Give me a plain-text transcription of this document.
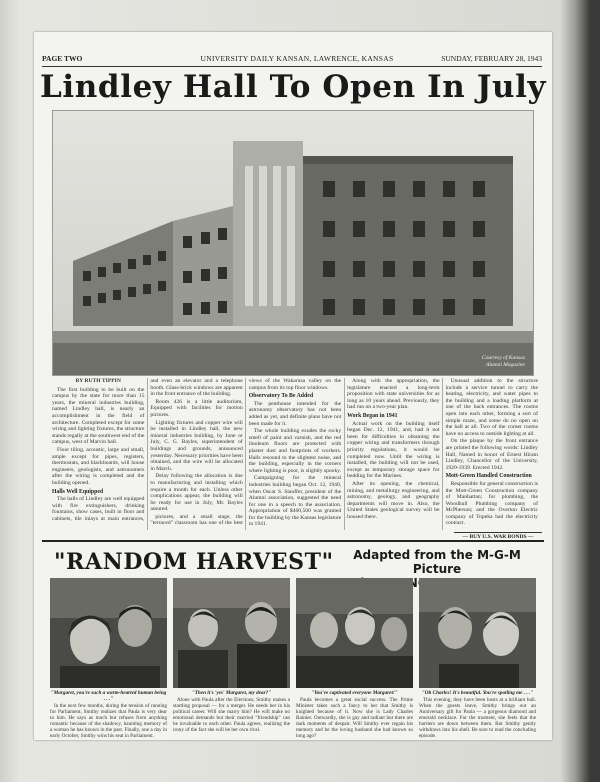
PAGE TWO	UNIVERSITY DAILY KANSAN, LAWRENCE, KANSAS	SUNDAY, FEBRUARY 28, 1943
Lindley Hall To Open In July
Courtesy of Kansas
Alumni Magazine

BY RUTH TIPPIN

The first building to be built on the campus by the state for more than 15 years, the mineral industries building, named Lindley hall, is nearly an accomplishment in the field of architecture. Completed except for some wiring and lighting fixtures, the structure stands regally at the southwest end of the campus, west of Marvin hall.

Floor tiling, acoustic, large and small, ample except for pipes, registers, thermostats, and blackboards, will house engineers, geologists, and astronomers after the wiring is completed and the building opened.

Halls Well Equipped

The halls of Lindley are well equipped with fire extinguishers, drinking fountains, show cases, built in floor and cabinets, tile inlays at main entrances, and even an elevator and a telephone booth. Glass-brick windows are apparent in the front entrance of the building.

Room 426 is a little auditorium, Equipped with facilities for motion pictures.

Lighting fixtures and copper wire will be installed in Lindley hall, the new mineral industries building, by June or July, C. G. Bayles, superintendent of buildings and grounds, announced yesterday. Necessary priorities have been obtained, and the wire will be allocated in March.

Delay following the allocation is due to manufacturing and installing which require a month for each. Unless other complications appear, the building will be ready for use in July, Mr. Bayles assured.

pictures, and a small stage, the "terraced" classroom has one of the best views of the Wakarusa valley on the campus from its top floor windows.

Observatory To Be Added

The penthouse intended for the astronomy observatory has not been added as yet, and definite plans have not been made for it.

The whole building exudes the rocky smell of paint and varnish, and the red linoleum floors are protected with plaster dust and footprints of workers. Halls resound to the slightest noise, and the building, especially in the corners where lighting is poor, is slightly spooky.

Campaigning for the mineral industries building began Oct. 12, 1940, when Oscar S. Stauffer, president of the Alumni association, suggested the need for one in a speech to the association. Appropriation of $460,500 was granted for the building by the Kansas legislature in 1941.

Along with the appropriation, the legislature enacted a long-term proposition with state universities for as long as 10 years ahead. Previously, they had run on a two-year plan.

Work Began in 1941

Actual work on the building itself began Dec. 12, 1941, and, had it not been for difficulties in obtaining the copper wiring and transformers through priority regulations, it would be completed now. Until the wiring is installed, the building will not be used, except as temporary storage space for bedding for the Marines.

After its opening, the chemical, mining, and metallurgy engineering, and astronomy, geology, and geography departments will move in. Also, the United States geological survey will be housed there.

Unusual addition to the structure include a service tunnel to carry the heating, electricity, and water pipes to the building and a loading platform at one of the back entrances. The rooms open into each other, forming a sort of simple maze, and some do no open on the hall at all. Two of the corner rooms have no access to outside lighting at all.

On the plaque by the front entrance are printed the following words: Lindley Hall, Named in honor of Ernest Hiram Lindley, Chancellor of the University, 1920-1939. Erected 1942.

Mott-Green Handled Construction

Responsible for general construction is the Mott-Green Construction company of Manhattan; for plumbing, the Woodhull Plumbing company of McPherson; and the Overton Electric company of Topeka had the electricity contract.

— BUY U.S. WAR BONDS —
"RANDOM HARVEST"	Adapted from the M-G-M Picture
"Margaret, you're such a warm-hearted human being . . ."
In the next few months, during the tension of running for Parliament, Smithy realizes that Paula is very dear to him. He says as much but refuses from anything romantic because of the shadowy, haunting memory of a woman he has known in the past. Finally, one a day in early October, Smithy wins his seat in Parliament.
"Then it's 'yes' Margaret, my dear?"
Alone with Paula after the Elections, Smithy makes a startling proposal — for a merger. He needs her in his political career. Will she marry him? He will make no emotional demands but their married "friendship" can be invaluable to each other. Paula agrees, realizing the irony of the fact she will be her own rival.
"You've captivated everyone Margaret!"
Paula becomes a great social success. The Prime Minister takes such a fancy to her that Smithy is knighted because of it. Now she is Lady Charles Rainier. Outwardly, she is gay and radiant but there are dark moments of despair. Will Smithy ever regain his memory and be the loving husband she had known so long ago?
"Oh Charles! It's beautiful. You're spoiling me . . ."
This evening, they have been hosts at a brilliant ball. When the guests leave, Smithy brings out an Anniversary gift for Paula — a gorgeous diamond and emerald necklace. For the moment, she feels that the barriers are down between them. But Smithy gently withdraws into his shell. Be sure to read the concluding episode.
